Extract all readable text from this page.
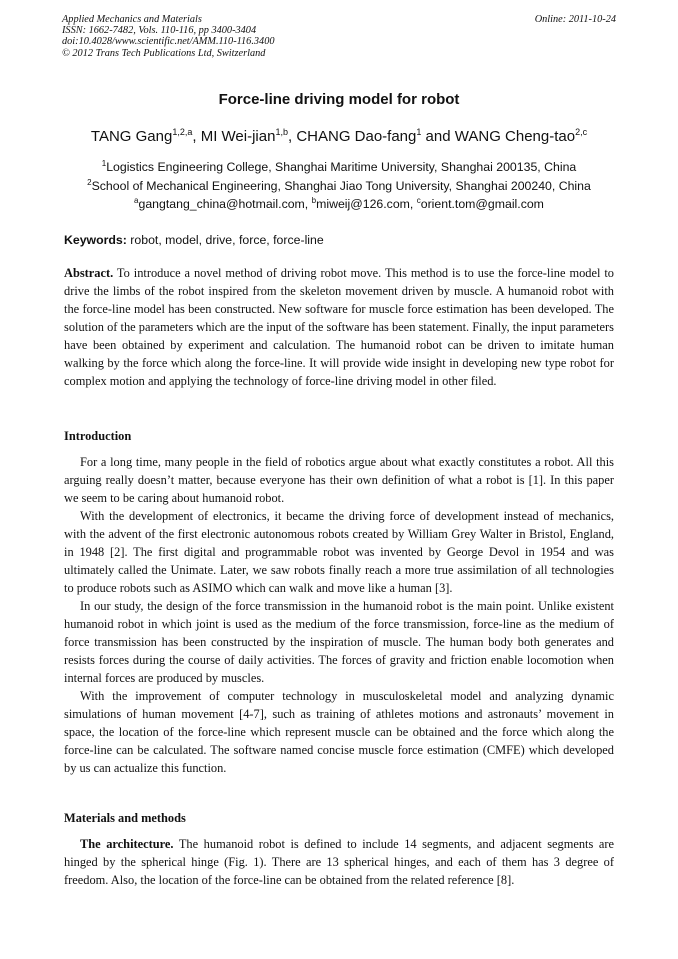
Applied Mechanics and Materials
ISSN: 1662-7482, Vols. 110-116, pp 3400-3404
doi:10.4028/www.scientific.net/AMM.110-116.3400
© 2012 Trans Tech Publications Ltd, Switzerland
Online: 2011-10-24
Force-line driving model for robot
TANG Gang$^{1,2,a}$, MI Wei-jian$^{1,b}$, CHANG Dao-fang$^1$ and WANG Cheng-tao$^{2,c}$
$^1$Logistics Engineering College, Shanghai Maritime University, Shanghai 200135, China
$^2$School of Mechanical Engineering, Shanghai Jiao Tong University, Shanghai 200240, China
$^a$gangtang_china@hotmail.com, $^b$miweij@126.com, $^c$orient.tom@gmail.com
Keywords: robot, model, drive, force, force-line

Abstract. To introduce a novel method of driving robot move. This method is to use the force-line model to drive the limbs of the robot inspired from the skeleton movement driven by muscle. A humanoid robot with the force-line model has been constructed. New software for muscle force estimation has been developed. The solution of the parameters which are the input of the software has been statement. Finally, the input parameters have been obtained by experiment and calculation. The humanoid robot can be driven to imitate human walking by the force which along the force-line. It will provide wide insight in developing new type robot for complex motion and applying the technology of force-line driving model in other filed.

Introduction

For a long time, many people in the field of robotics argue about what exactly constitutes a robot. All this arguing really doesn’t matter, because everyone has their own definition of what a robot is [1]. In this paper we seem to be caring about humanoid robot.

With the development of electronics, it became the driving force of development instead of mechanics, with the advent of the first electronic autonomous robots created by William Grey Walter in Bristol, England, in 1948 [2]. The first digital and programmable robot was invented by George Devol in 1954 and was ultimately called the Unimate. Later, we saw robots finally reach a more true assimilation of all technologies to produce robots such as ASIMO which can walk and move like a human [3].

In our study, the design of the force transmission in the humanoid robot is the main point. Unlike existent humanoid robot in which joint is used as the medium of the force transmission, force-line as the medium of force transmission has been constructed by the inspiration of muscle. The human body both generates and resists forces during the course of daily activities. The forces of gravity and friction enable locomotion when internal forces are produced by muscles.

With the improvement of computer technology in musculoskeletal model and analyzing dynamic simulations of human movement [4-7], such as training of athletes motions and astronauts’ movement in space, the location of the force-line which represent muscle can be obtained and the force which along the force-line can be calculated. The software named concise muscle force estimation (CMFE) which developed by us can actualize this function.

Materials and methods

The architecture. The humanoid robot is defined to include 14 segments, and adjacent segments are hinged by the spherical hinge (Fig. 1). There are 13 spherical hinges, and each of them has 3 degree of freedom. Also, the location of the force-line can be obtained from the related reference [8].
